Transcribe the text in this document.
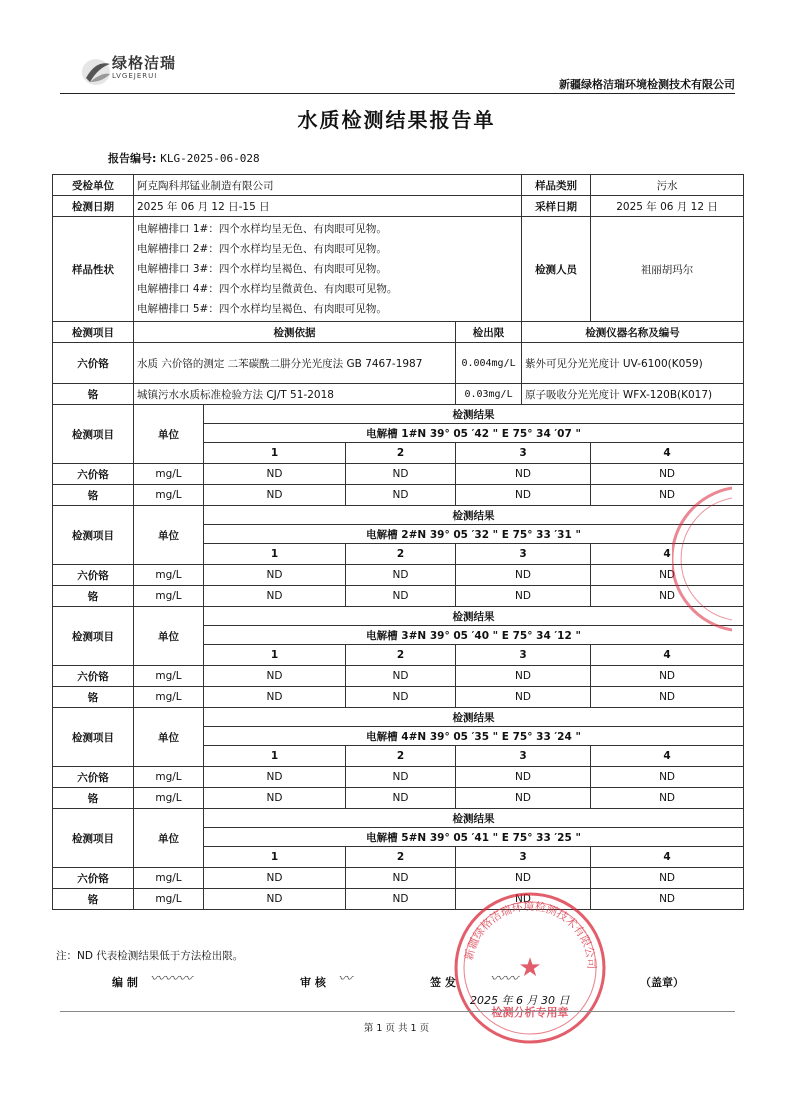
绿格洁瑞
LVGEJERUI
新疆绿格洁瑞环境检测技术有限公司
水质检测结果报告单
报告编号: KLG-2025-06-028
受检单位	阿克陶科邦锰业制造有限公司				样品类别	污水
检测日期	2025 年 06 月 12 日-15 日				采样日期	2025 年 06 月 12 日
样品性状	电解槽排口 1#：四个水样均呈无色、有肉眼可见物。
电解槽排口 2#：四个水样均呈无色、有肉眼可见物。
电解槽排口 3#：四个水样均呈褐色、有肉眼可见物。
电解槽排口 4#：四个水样均呈微黄色、有肉眼可见物。
电解槽排口 5#：四个水样均呈褐色、有肉眼可见物。				检测人员	祖丽胡玛尔
检测项目	检测依据			检出限	检测仪器名称及编号	
六价铬	水质 六价铬的测定 二苯碳酰二肼分光光度法 GB 7467-1987			0.004mg/L	紫外可见分光光度计 UV-6100(K059)	
铬	城镇污水水质标准检验方法 CJ/T 51-2018			0.03mg/L	原子吸收分光光度计 WFX-120B(K017)	
检测项目	单位	检测结果				
		电解槽 1#N 39° 05 ′42 " E 75° 34 ′07 "				
		1	2	3		4
六价铬	mg/L	ND	ND	ND		ND
铬	mg/L	ND	ND	ND		ND
检测项目	单位	检测结果				
		电解槽 2#N 39° 05 ′32 " E 75° 33 ′31 "				
		1	2	3		4
六价铬	mg/L	ND	ND	ND		ND
铬	mg/L	ND	ND	ND		ND
检测项目	单位	检测结果				
		电解槽 3#N 39° 05 ′40 " E 75° 34 ′12 "				
		1	2	3		4
六价铬	mg/L	ND	ND	ND		ND
铬	mg/L	ND	ND	ND		ND
检测项目	单位	检测结果				
		电解槽 4#N 39° 05 ′35 " E 75° 33 ′24 "				
		1	2	3		4
六价铬	mg/L	ND	ND	ND		ND
铬	mg/L	ND	ND	ND		ND
检测项目	单位	检测结果				
		电解槽 5#N 39° 05 ′41 " E 75° 33 ′25 "				
		1	2	3		4
六价铬	mg/L	ND	ND	ND		ND
铬	mg/L	ND	ND	ND		ND
注：ND 代表检测结果低于方法检出限。
编 制 〰〰〰	审 核 〰	签 发 〰〰	（盖章）
2025 年 6 月 30 日
新疆绿格洁瑞环境检测技术有限公司
★
检测分析专用章
第 1 页 共 1 页
